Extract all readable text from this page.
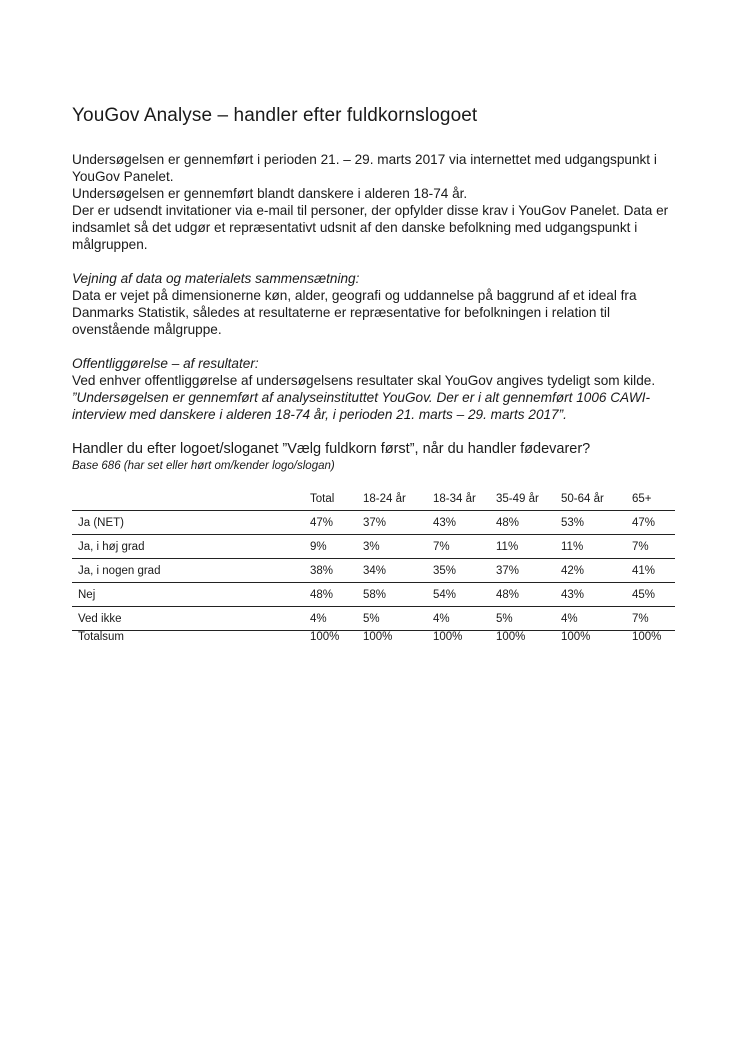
YouGov Analyse – handler efter fuldkornslogoet

Undersøgelsen er gennemført i perioden 21. – 29. marts 2017 via internettet med udgangspunkt i YouGov Panelet.

Undersøgelsen er gennemført blandt danskere i alderen 18-74 år.

Der er udsendt invitationer via e-mail til personer, der opfylder disse krav i YouGov Panelet. Data er indsamlet så det udgør et repræsentativt udsnit af den danske befolkning med udgangspunkt i målgruppen.

Vejning af data og materialets sammensætning:

Data er vejet på dimensionerne køn, alder, geografi og uddannelse på baggrund af et ideal fra Danmarks Statistik, således at resultaterne er repræsentative for befolkningen i relation til ovenstående målgruppe.

Offentliggørelse – af resultater:

Ved enhver offentliggørelse af undersøgelsens resultater skal YouGov angives tydeligt som kilde.

”Undersøgelsen er gennemført af analyseinstituttet YouGov. Der er i alt gennemført 1006 CAWI-interview med danskere i alderen 18-74 år, i perioden 21. marts – 29. marts 2017”.

Handler du efter logoet/sloganet ”Vælg fuldkorn først”, når du handler fødevarer?

Base 686 (har set eller hørt om/kender logo/slogan)

	Total	18-24 år	18-34 år	35-49 år	50-64 år	65+
Ja (NET)	47%	37%	43%	48%	53%	47%
Ja, i høj grad	9%	3%	7%	11%	11%	7%
Ja, i nogen grad	38%	34%	35%	37%	42%	41%
Nej	48%	58%	54%	48%	43%	45%
Ved ikke	4%	5%	4%	5%	4%	7%
Totalsum	100%	100%	100%	100%	100%	100%
